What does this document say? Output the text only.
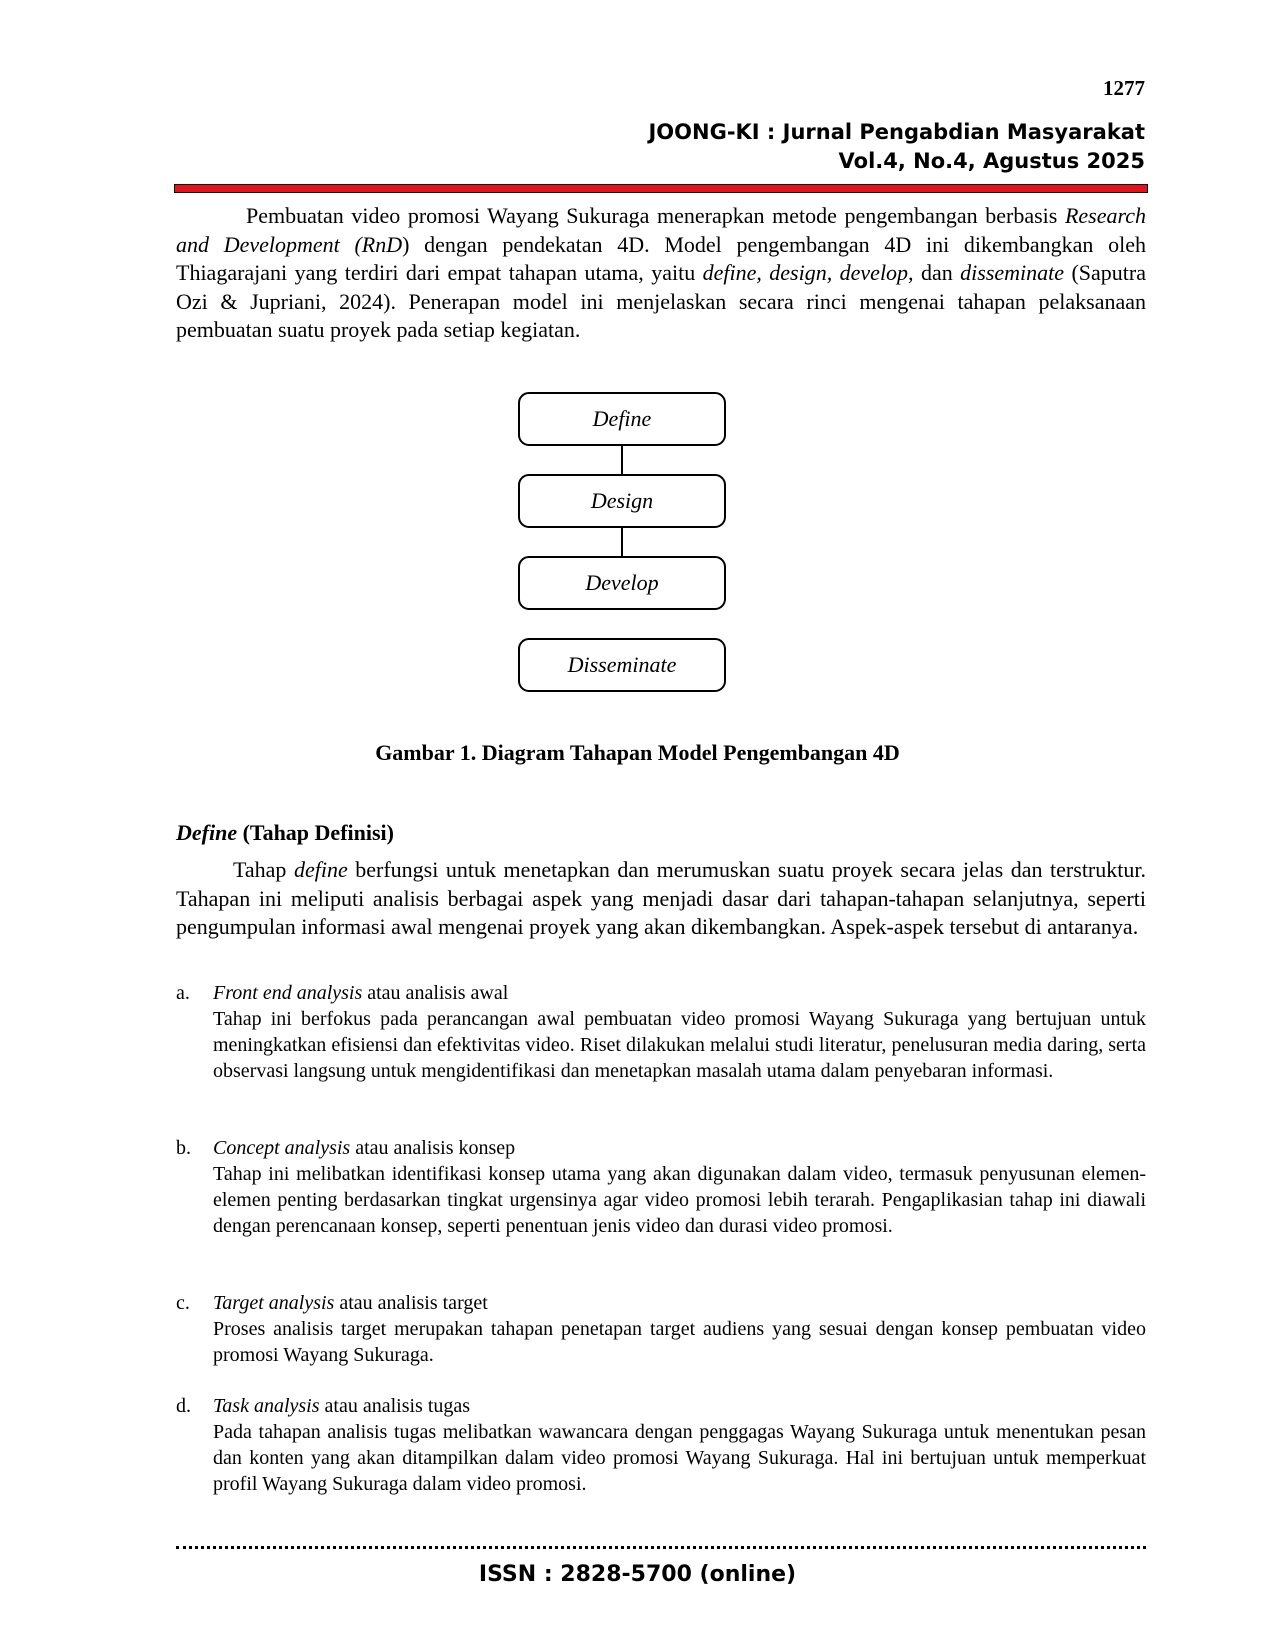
1277
JOONG-KI : Jurnal Pengabdian Masyarakat
Vol.4, No.4, Agustus 2025

Pembuatan video promosi Wayang Sukuraga menerapkan metode pengembangan berbasis Research and Development (RnD) dengan pendekatan 4D. Model pengembangan 4D ini dikembangkan oleh Thiagarajani yang terdiri dari empat tahapan utama, yaitu define, design, develop, dan disseminate (Saputra Ozi & Jupriani, 2024). Penerapan model ini menjelaskan secara rinci mengenai tahapan pelaksanaan pembuatan suatu proyek pada setiap kegiatan.

Define
Design
Develop
Disseminate
Gambar 1. Diagram Tahapan Model Pengembangan 4D
Define (Tahap Definisi)

Tahap define berfungsi untuk menetapkan dan merumuskan suatu proyek secara jelas dan terstruktur. Tahapan ini meliputi analisis berbagai aspek yang menjadi dasar dari tahapan-tahapan selanjutnya, seperti pengumpulan informasi awal mengenai proyek yang akan dikembangkan. Aspek-aspek tersebut di antaranya.

a. Front end analysis atau analisis awal

Tahap ini berfokus pada perancangan awal pembuatan video promosi Wayang Sukuraga yang bertujuan untuk meningkatkan efisiensi dan efektivitas video. Riset dilakukan melalui studi literatur, penelusuran media daring, serta observasi langsung untuk mengidentifikasi dan menetapkan masalah utama dalam penyebaran informasi.

b. Concept analysis atau analisis konsep

Tahap ini melibatkan identifikasi konsep utama yang akan digunakan dalam video, termasuk penyusunan elemen-elemen penting berdasarkan tingkat urgensinya agar video promosi lebih terarah. Pengaplikasian tahap ini diawali dengan perencanaan konsep, seperti penentuan jenis video dan durasi video promosi.

c. Target analysis atau analisis target

Proses analisis target merupakan tahapan penetapan target audiens yang sesuai dengan konsep pembuatan video promosi Wayang Sukuraga.

d. Task analysis atau analisis tugas

Pada tahapan analisis tugas melibatkan wawancara dengan penggagas Wayang Sukuraga untuk menentukan pesan dan konten yang akan ditampilkan dalam video promosi Wayang Sukuraga. Hal ini bertujuan untuk memperkuat profil Wayang Sukuraga dalam video promosi.

ISSN : 2828-5700 (online)
